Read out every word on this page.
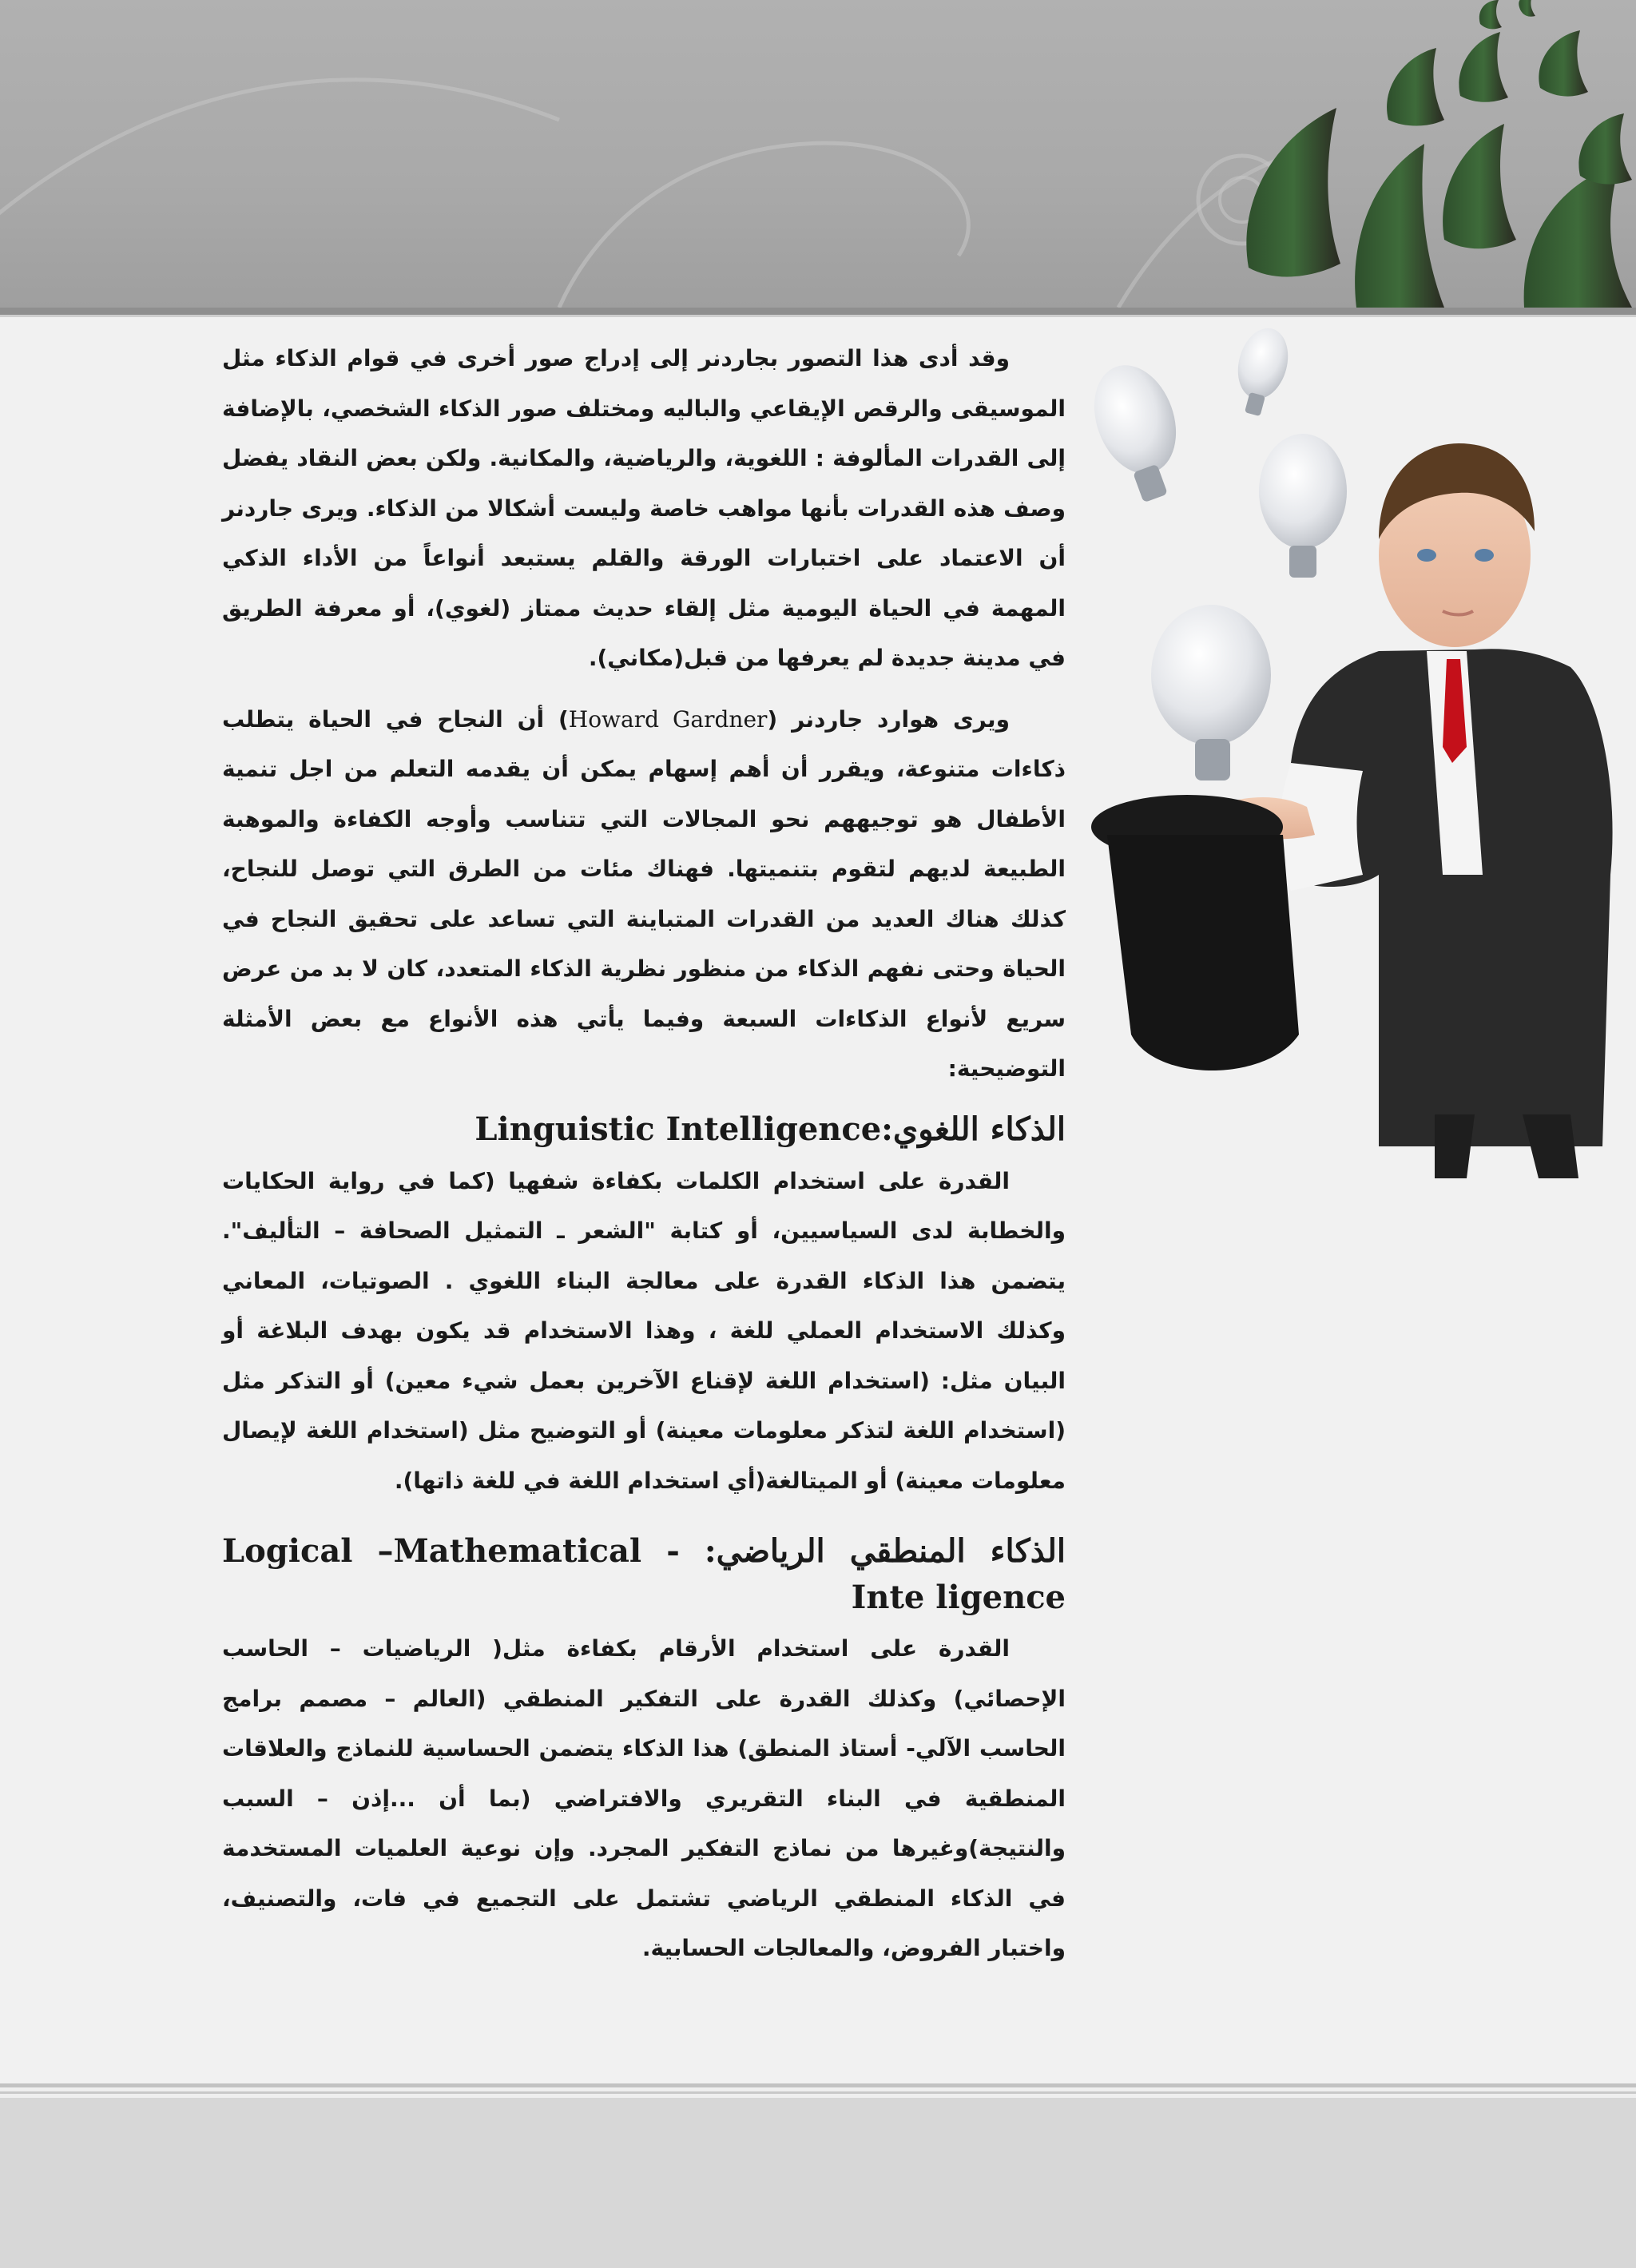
وقد أدى هذا التصور بجاردنر إلى إدراج صور أخرى في قوام الذكاء مثل الموسيقى والرقص الإيقاعي والباليه ومختلف صور الذكاء الشخصي، بالإضافة إلى القدرات المألوفة : اللغوية، والرياضية، والمكانية. ولكن بعض النقاد يفضل وصف هذه القدرات بأنها مواهب خاصة وليست أشكالا من الذكاء. ويرى جاردنر أن الاعتماد على اختبارات الورقة والقلم يستبعد أنواعاً من الأداء الذكي المهمة في الحياة اليومية مثل إلقاء حديث ممتاز (لغوي)، أو معرفة الطريق في مدينة جديدة لم يعرفها من قبل(مكاني).

ويرى هوارد جاردنر (Howard Gardner) أن النجاح في الحياة يتطلب ذكاءات متنوعة، ويقرر أن أهم إسهام يمكن أن يقدمه التعلم من اجل تنمية الأطفال هو توجيههم نحو المجالات التي تتناسب وأوجه الكفاءة والموهبة الطبيعة لديهم لتقوم بتنميتها. فهناك مئات من الطرق التي توصل للنجاح، كذلك هناك العديد من القدرات المتباينة التي تساعد على تحقيق النجاح في الحياة وحتى نفهم الذكاء من منظور نظرية الذكاء المتعدد، كان لا بد من عرض سريع لأنواع الذكاءات السبعة وفيما يأتي هذه الأنواع مع بعض الأمثلة التوضيحية:

الذكاء اللغوي:Linguistic Intelligence

القدرة على استخدام الكلمات بكفاءة شفهيا (كما في رواية الحكايات والخطابة لدى السياسيين، أو كتابة "الشعر ـ التمثيل الصحافة – التأليف". يتضمن هذا الذكاء القدرة على معالجة البناء اللغوي . الصوتيات، المعاني وكذلك الاستخدام العملي للغة ، وهذا الاستخدام قد يكون بهدف البلاغة أو البيان مثل: (استخدام اللغة لإقناع الآخرين بعمل شيء معين) أو التذكر مثل (استخدام اللغة لتذكر معلومات معينة) أو التوضيح مثل (استخدام اللغة لإيصال معلومات معينة) أو الميتالغة(أي استخدام اللغة في للغة ذاتها).

الذكاء المنطقي الرياضي: - Logical –Mathematical Inte ligence

القدرة على استخدام الأرقام بكفاءة مثل( الرياضيات – الحاسب الإحصائي) وكذلك القدرة على التفكير المنطقي (العالم – مصمم برامج الحاسب الآلي- أستاذ المنطق) هذا الذكاء يتضمن الحساسية للنماذج والعلاقات المنطقية في البناء التقريري والافتراضي (بما أن ...إذن – السبب والنتيجة)وغيرها من نماذج التفكير المجرد. وإن نوعية العلميات المستخدمة في الذكاء المنطقي الرياضي تشتمل على التجميع في فات، والتصنيف، واختبار الفروض، والمعالجات الحسابية.
